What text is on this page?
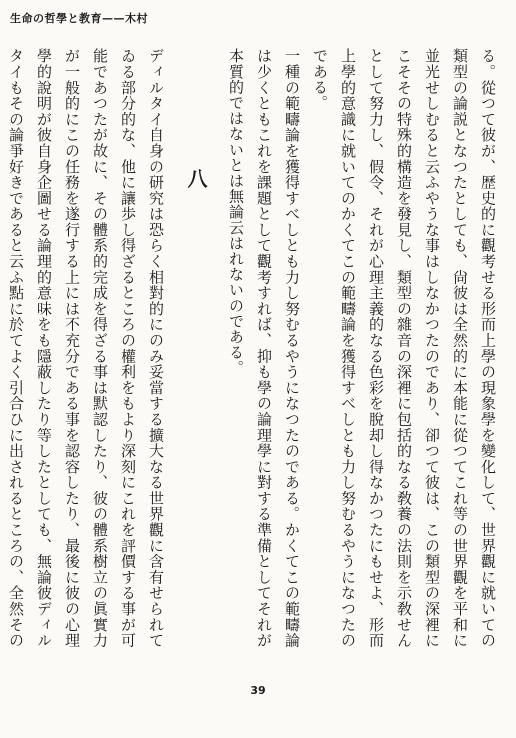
生命の哲學と教育——木村

る。從つて彼が、歴史的に觀考せる形而上學の現象學を變化して、世界觀に就いての類型の論説となつたとしても、尙彼は全然的に本能に從つてこれ等の世界觀を平和に並光せしむると云ふやうな事はしなかつたのであり、卻つて彼は、この類型の深裡にこそその特殊的構造を發見し、類型の雜音の深裡に包括的なる敎養の法則を示敎せんとして努力し、假令、それが心理主義的なる色彩を脫却し得なかつたにもせよ、形而上學的意識に就いてのかくてこの範疇論を獲得すべしとも力し努むるやうになつたのである。

一種の範疇論を獲得すべしとも力し努むるやうになつたのである。かくてこの範疇論は少くともこれを課題として觀考すれば、抑も學の論理學に對する準備としてそれが本質的ではないとは無論云はれないのである。

八

ディルタイ自身の研究は恐らく相對的にのみ妥當する擴大なる世界觀に含有せられてゐる部分的な、他に讓歩し得ざるところの權利をもより深刻にこれを評價する事が可能であつたが故に、その體系的完成を得ざる事は默認したり、彼の體系樹立の眞實力が一般的にこの任務を遂行する上には不充分である事を認容したり、最後に彼の心理學的說明が彼自身企圖せる論理的意味をも隱蔽したり等したとしても、無論彼ディルタイもその論爭好きであると云ふ點に於てよく引合ひに出されるところの、全然その

39
